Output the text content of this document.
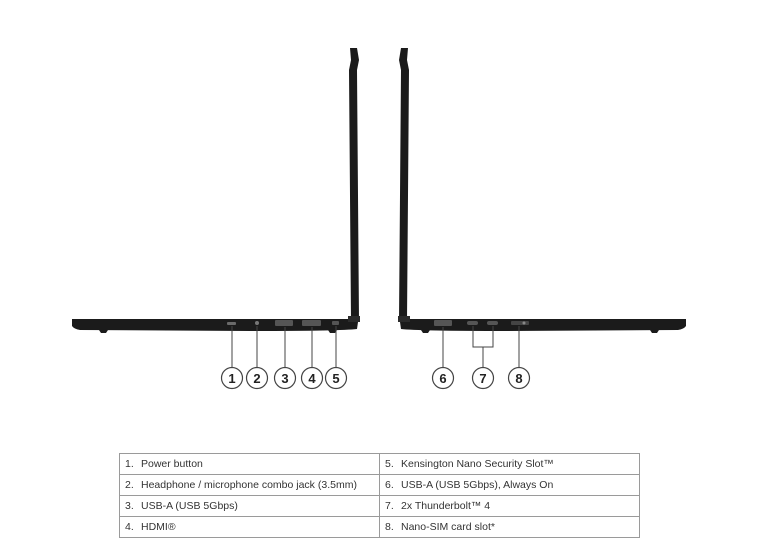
1 2 3 4 5	6	7 8
1. Power button	5. Kensington Nano Security Slot™
2. Headphone / microphone combo jack (3.5mm)	6. USB-A (USB 5Gbps), Always On
3. USB-A (USB 5Gbps)	7. 2x Thunderbolt™ 4
4. HDMI®	8. Nano-SIM card slot*
